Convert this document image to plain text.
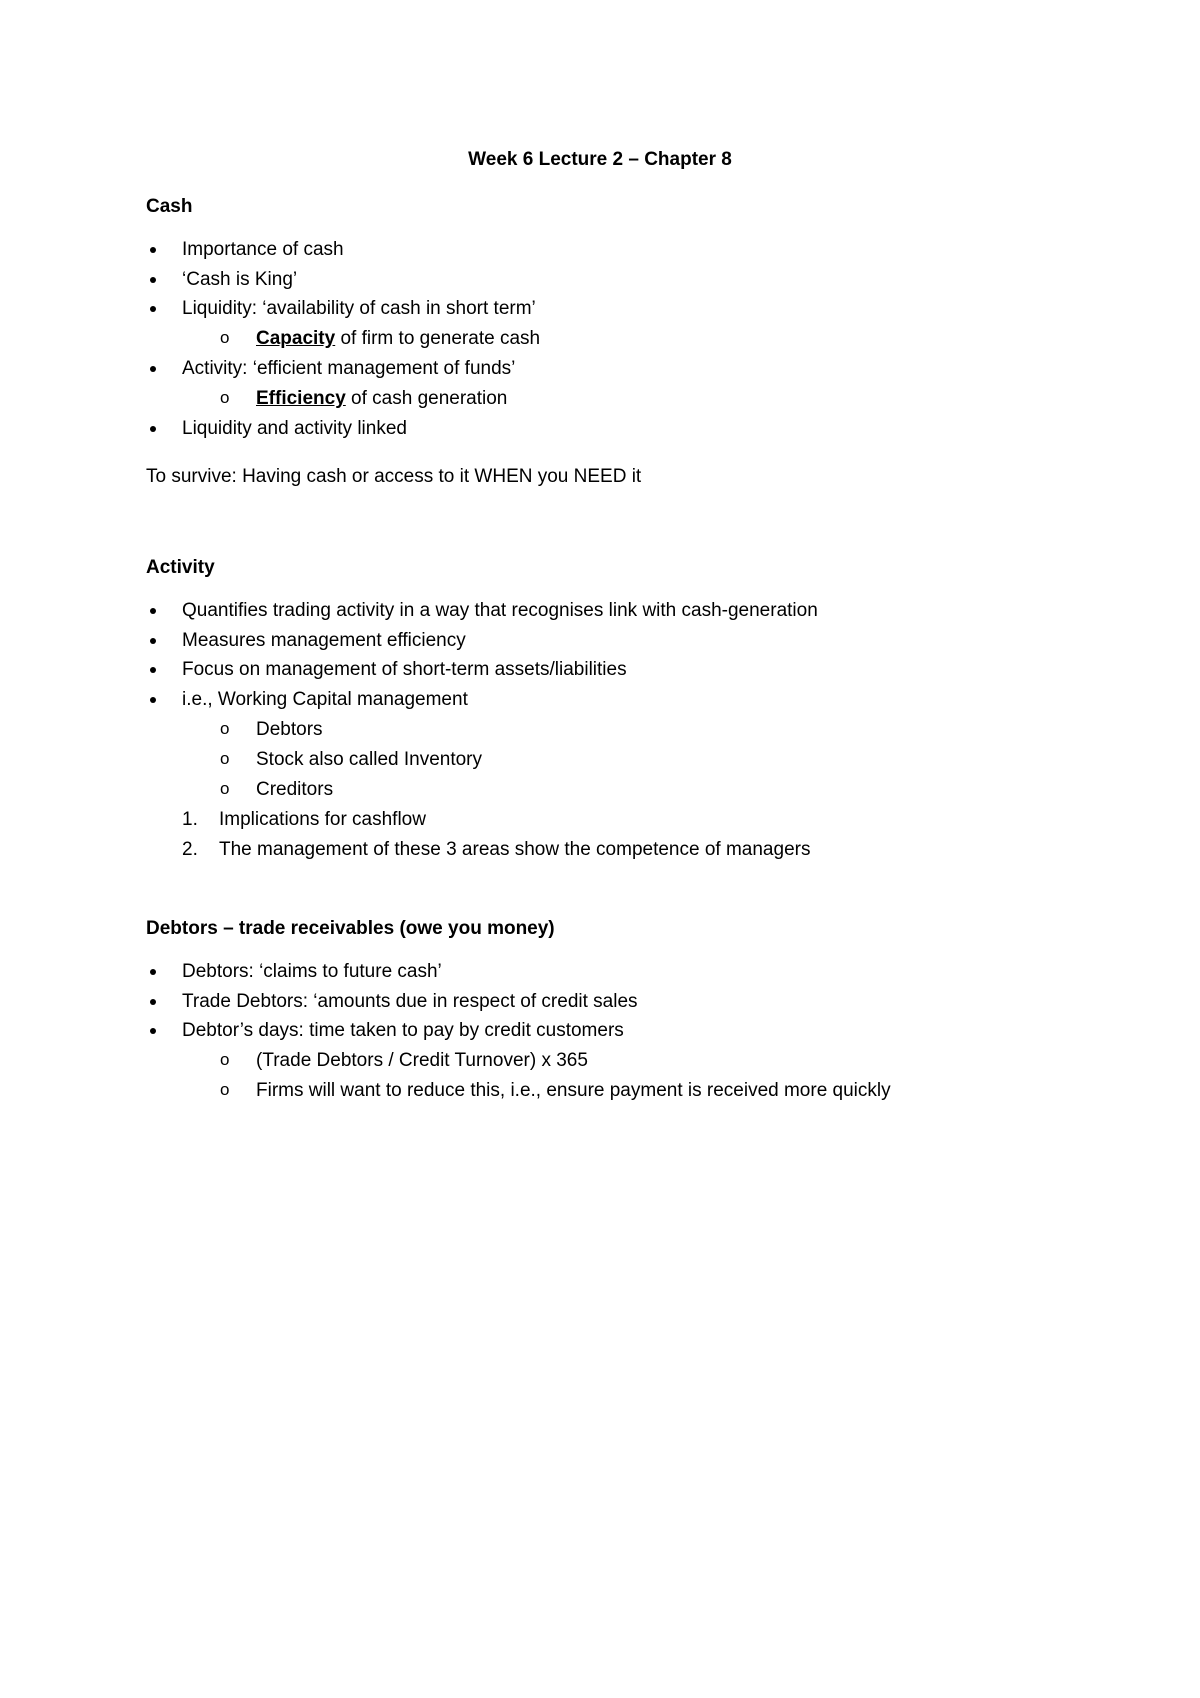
Week 6 Lecture 2 – Chapter 8
Cash
Importance of cash
‘Cash is King’
Liquidity: ‘availability of cash in short term’
o Capacity of firm to generate cash
Activity: ‘efficient management of funds’
o Efficiency of cash generation
Liquidity and activity linked
To survive: Having cash or access to it WHEN you NEED it
Activity
Quantifies trading activity in a way that recognises link with cash-generation
Measures management efficiency
Focus on management of short-term assets/liabilities
i.e., Working Capital management
o Debtors
o Stock also called Inventory
o Creditors
1. Implications for cashflow
2. The management of these 3 areas show the competence of managers
Debtors – trade receivables (owe you money)
Debtors: ‘claims to future cash’
Trade Debtors: ‘amounts due in respect of credit sales
Debtor’s days: time taken to pay by credit customers
o (Trade Debtors / Credit Turnover) x 365
o Firms will want to reduce this, i.e., ensure payment is received more quickly
